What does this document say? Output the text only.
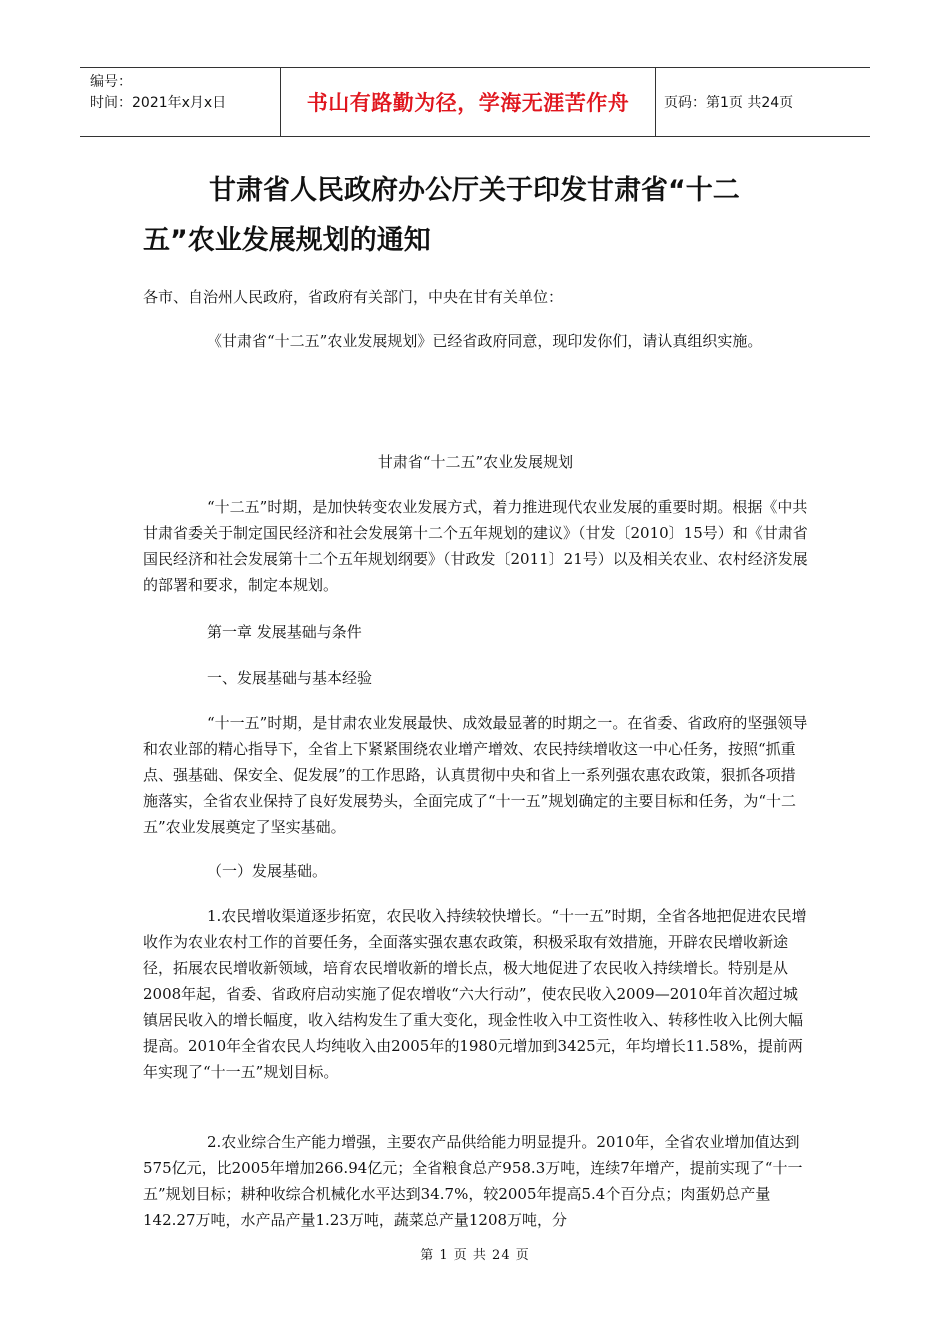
编号：
时间：2021年x月x日	书山有路勤为径，学海无涯苦作舟 页码：第1页 共24页
甘肃省人民政府办公厅关于印发甘肃省“十二
五”农业发展规划的通知

各市、自治州人民政府，省政府有关部门，中央在甘有关单位：

《甘肃省“十二五”农业发展规划》已经省政府同意，现印发你们，请认真组织实施。

甘肃省“十二五”农业发展规划

“十二五”时期，是加快转变农业发展方式，着力推进现代农业发展的重要时期。根据《中共甘肃省委关于制定国民经济和社会发展第十二个五年规划的建议》（甘发〔2010〕15号）和《甘肃省国民经济和社会发展第十二个五年规划纲要》（甘政发〔2011〕21号）以及相关农业、农村经济发展的部署和要求，制定本规划。

第一章 发展基础与条件

一、发展基础与基本经验

“十一五”时期，是甘肃农业发展最快、成效最显著的时期之一。在省委、省政府的坚强领导和农业部的精心指导下，全省上下紧紧围绕农业增产增效、农民持续增收这一中心任务，按照“抓重点、强基础、保安全、促发展”的工作思路，认真贯彻中央和省上一系列强农惠农政策，狠抓各项措施落实，全省农业保持了良好发展势头，全面完成了“十一五”规划确定的主要目标和任务，为“十二五”农业发展奠定了坚实基础。

（一）发展基础。

1.农民增收渠道逐步拓宽，农民收入持续较快增长。“十一五”时期，全省各地把促进农民增收作为农业农村工作的首要任务，全面落实强农惠农政策，积极采取有效措施，开辟农民增收新途径，拓展农民增收新领域，培育农民增收新的增长点，极大地促进了农民收入持续增长。特别是从2008年起，省委、省政府启动实施了促农增收“六大行动”，使农民收入2009—2010年首次超过城镇居民收入的增长幅度，收入结构发生了重大变化，现金性收入中工资性收入、转移性收入比例大幅提高。2010年全省农民人均纯收入由2005年的1980元增加到3425元，年均增长11.58%，提前两年实现了“十一五”规划目标。

2.农业综合生产能力增强，主要农产品供给能力明显提升。2010年，全省农业增加值达到575亿元，比2005年增加266.94亿元；全省粮食总产958.3万吨，连续7年增产，提前实现了“十一五”规划目标；耕种收综合机械化水平达到34.7%，较2005年提高5.4个百分点；肉蛋奶总产量142.27万吨，水产品产量1.23万吨，蔬菜总产量1208万吨，分

第 1 页 共 24 页
